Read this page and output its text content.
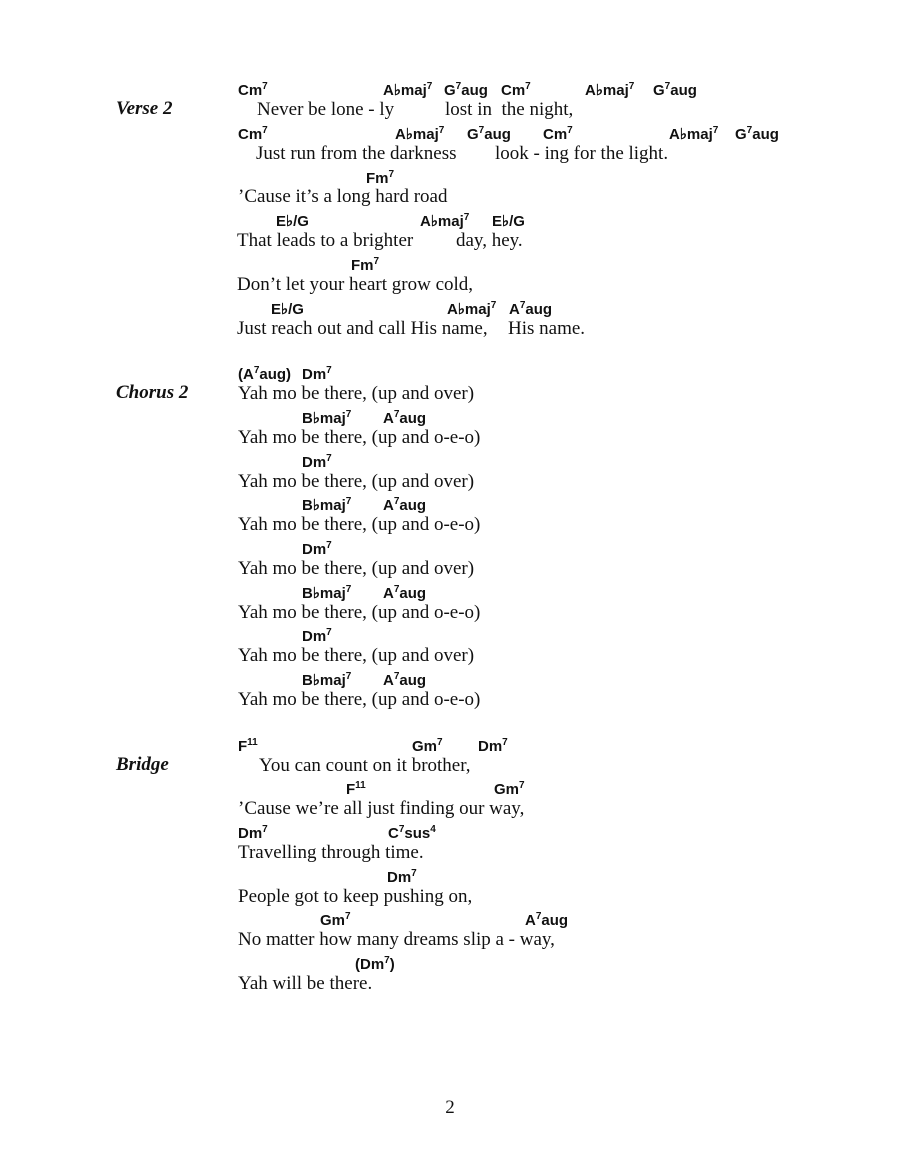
Verse 2
Chorus 2
Bridge
Cm$^7$	A♭maj$^7$ $G^7aug$ Cm$^7$	A♭maj$^7$ $G^7aug$
Never be lone - ly	lost in  the night,
Cm$^7$	A♭maj$^7$ $G^7aug$ Cm$^7$	A♭maj$^7$ $G^7aug$
Just run from the darkness look - ing for the light.
Fm$^7$
’Cause it’s a long hard road
E♭/G	A♭maj$^7$ E♭/G
That leads to a brighter day, hey.
Fm$^7$
Don’t let your heart grow cold,
E♭/G	A♭maj$^7$ $A^7aug$
Just reach out and call His name, His name.
$(A^7aug)$ Dm$^7$
Yah mo be there, (up and over)
B♭maj$^7$ $A^7aug$
Yah mo be there, (up and o-e-o)
Dm$^7$
Yah mo be there, (up and over)
B♭maj$^7$ $A^7aug$
Yah mo be there, (up and o-e-o)
Dm$^7$
Yah mo be there, (up and over)
B♭maj$^7$ $A^7aug$
Yah mo be there, (up and o-e-o)
Dm$^7$
Yah mo be there, (up and over)
B♭maj$^7$ $A^7aug$
Yah mo be there, (up and o-e-o)
$F^{11}$	Gm$^7$ Dm$^7$
You can count on it brother,
$F^{11}$	Gm$^7$
’Cause we’re all just finding our way,
Dm$^7$	$C^7sus^4$
Travelling through time.
Dm$^7$
People got to keep pushing on,
Gm$^7$	$A^7aug$
No matter how many dreams slip a - way,
(Dm$^7$)
Yah will be there.
2
